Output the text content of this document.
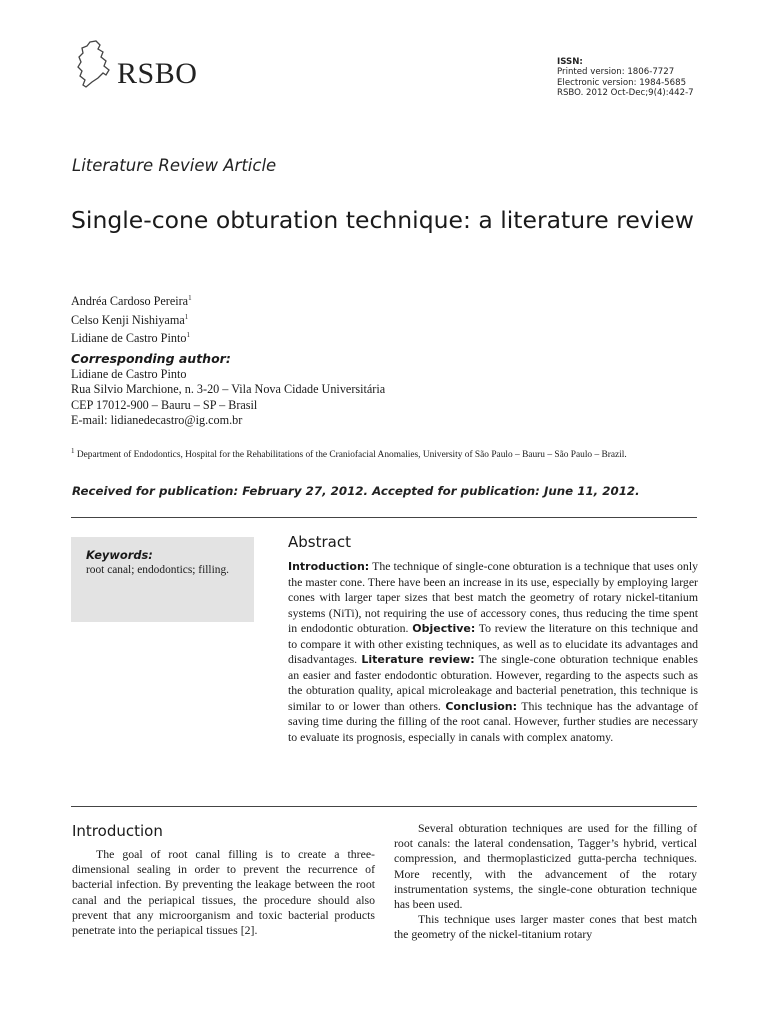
RSBO	ISSN:
Printed version: 1806-7727
Electronic version: 1984-5685
RSBO. 2012 Oct-Dec;9(4):442-7
Literature Review Article
Single-cone obturation technique: a literature review
Andréa Cardoso Pereira$^1$
Celso Kenji Nishiyama$^1$
Lidiane de Castro Pinto$^1$
Corresponding author:
Lidiane de Castro Pinto
Rua Silvio Marchione, n. 3-20 – Vila Nova Cidade Universitária
CEP 17012-900 – Bauru – SP – Brasil
E-mail: lidianedecastro@ig.com.br
$^1$ Department of Endodontics, Hospital for the Rehabilitations of the Craniofacial Anomalies, University of São Paulo – Bauru – São Paulo – Brazil.
Received for publication: February 27, 2012. Accepted for publication: June 11, 2012.
Keywords:
root canal; endodontics; filling.
Abstract
Introduction: The technique of single-cone obturation is a technique that uses only the master cone. There have been an increase in its use, especially by employing larger cones with larger taper sizes that best match the geometry of rotary nickel-titanium systems (NiTi), not requiring the use of accessory cones, thus reducing the time spent in endodontic obturation. Objective: To review the literature on this technique and to compare it with other existing techniques, as well as to elucidate its advantages and disadvantages. Literature review: The single-cone obturation technique enables an easier and faster endodontic obturation. However, regarding to the aspects such as the obturation quality, apical microleakage and bacterial penetration, this technique is similar to or lower than others. Conclusion: This technique has the advantage of saving time during the filling of the root canal. However, further studies are necessary to evaluate its prognosis, especially in canals with complex anatomy.
Introduction

The goal of root canal filling is to create a three-dimensional sealing in order to prevent the recurrence of bacterial infection. By preventing the leakage between the root canal and the periapical tissues, the procedure should also prevent that any microorganism and toxic bacterial products penetrate into the periapical tissues [2].

Several obturation techniques are used for the filling of root canals: the lateral condensation, Tagger’s hybrid, vertical compression, and thermoplasticized gutta-percha techniques. More recently, with the advancement of the rotary instrumentation systems, the single-cone obturation technique has been used.

This technique uses larger master cones that best match the geometry of the nickel-titanium rotary
